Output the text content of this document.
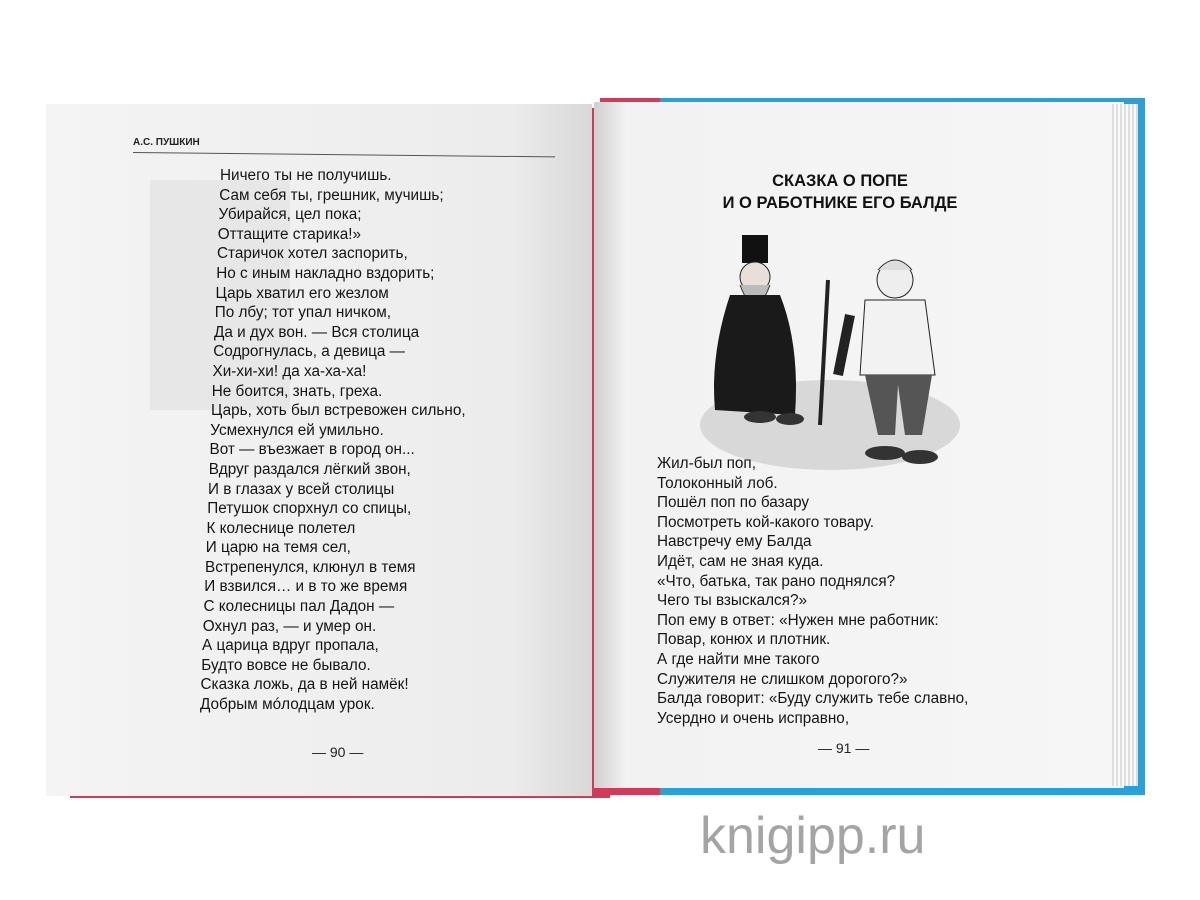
А.С. ПУШКИН
Ничего ты не получишь.
Сам себя ты, грешник, мучишь;
Убирайся, цел пока;
Оттащите старика!»
Старичок хотел заспорить,
Но с иным накладно вздорить;
Царь хватил его жезлом
По лбу; тот упал ничком,
Да и дух вон. — Вся столица
Содрогнулась, а девица —
Хи-хи-хи! да ха-ха-ха!
Не боится, знать, греха.
Царь, хоть был встревожен сильно,
Усмехнулся ей умильно.
Вот — въезжает в город он...
Вдруг раздался лёгкий звон,
И в глазах у всей столицы
Петушок спорхнул со спицы,
К колеснице полетел
И царю на темя сел,
Встрепенулся, клюнул в темя
И взвился… и в то же время
С колесницы пал Дадон —
Охнул раз, — и умер он.
А царица вдруг пропала,
Будто вовсе не бывало.
Сказка ложь, да в ней намёк!
Добрым мóлодцам урок.
— 90 —
СКАЗКА О ПОПЕ
И О РАБОТНИКЕ ЕГО БАЛДЕ
Жил-был поп,
Толоконный лоб.
Пошёл поп по базару
Посмотреть кой-какого товару.
Навстречу ему Балда
Идёт, сам не зная куда.
«Что, батька, так рано поднялся?
Чего ты взыскался?»
Поп ему в ответ: «Нужен мне работник:
Повар, конюх и плотник.
А где найти мне такого
Служителя не слишком дорогого?»
Балда говорит: «Буду служить тебе славно,
Усердно и очень исправно,
— 91 —
knigipp.ru
